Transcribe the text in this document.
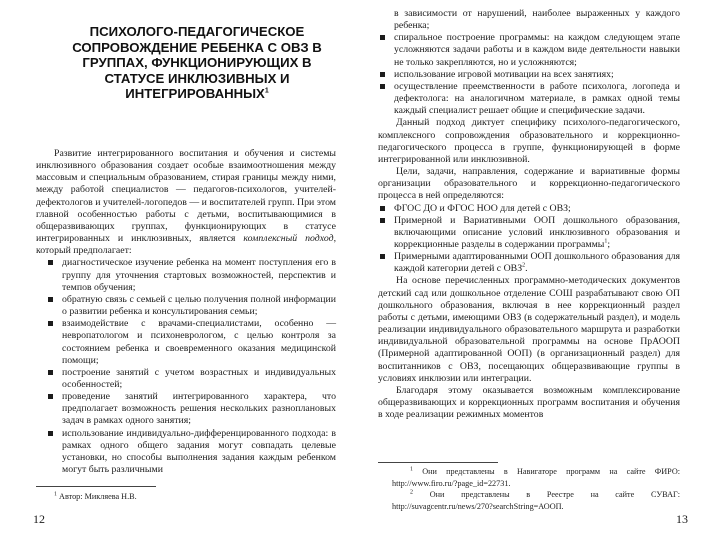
ПСИХОЛОГО-ПЕДАГОГИЧЕСКОЕ СОПРОВОЖДЕНИЕ РЕБЕНКА С ОВЗ В ГРУППАХ, ФУНКЦИОНИРУЮЩИХ В СТАТУСЕ ИНКЛЮЗИВНЫХ И ИНТЕГРИРОВАННЫХ$^1$

Развитие интегрированного воспитания и обучения и системы инклюзивного образования создает особые взаимоотношения между массовым и специальным образованием, стирая границы между ними, между работой специалистов — педагогов-психологов, учителей-дефектологов и учителей-логопедов — и воспитателей групп. При этом главной особенностью работы с детьми, воспитывающимися в общеразвивающих группах, функционирующих в статусе интегрированных и инклюзивных, является комплексный подход, который предполагает:

диагностическое изучение ребенка на момент поступления его в группу для уточнения стартовых возможностей, перспектив и темпов обучения;
обратную связь с семьей с целью получения полной информации о развитии ребенка и консультирования семьи;
взаимодействие с врачами-специалистами, особенно — невропатологом и психоневрологом, с целью контроля за состоянием ребенка и своевременного оказания медицинской помощи;
построение занятий с учетом возрастных и индивидуальных особенностей;
проведение занятий интегрированного характера, что предполагает возможность решения нескольких разноплановых задач в рамках одного занятия;
использование индивидуально-дифференцированного подхода: в рамках одного общего задания могут совпадать целевые установки, но способы выполнения задания каждым ребенком могут быть различными

$^1$ Автор: Микляева Н.В.

12

в зависимости от нарушений, наиболее выраженных у каждого ребенка;

спиральное построение программы: на каждом следующем этапе усложняются задачи работы и в каждом виде деятельности навыки не только закрепляются, но и усложняются;
использование игровой мотивации на всех занятиях;
осуществление преемственности в работе психолога, логопеда и дефектолога: на аналогичном материале, в рамках одной темы каждый специалист решает общие и специфические задачи.

Данный подход диктует специфику психолого-педагогического, комплексного сопровождения образовательного и коррекционно-педагогического процесса в группе, функционирующей в форме интегрированной или инклюзивной.

Цели, задачи, направления, содержание и вариативные формы организации образовательного и коррекционно-педагогического процесса в ней определяются:

ФГОС ДО и ФГОС НОО для детей с ОВЗ;
Примерной и Вариативными ООП дошкольного образования, включающими описание условий инклюзивного образования и коррекционные разделы в содержании программы$^1$;
Примерными адаптированными ООП дошкольного образования для каждой категории детей с ОВЗ$^2$.

На основе перечисленных программно-методических документов детский сад или дошкольное отделение СОШ разрабатывают свою ОП дошкольного образования, включая в нее коррекционный раздел работы с детьми, имеющими ОВЗ (в содержательный раздел), и модель реализации индивидуального образовательного маршрута и разработки индивидуальной образовательной программы на основе ПрАООП (Примерной адаптированной ООП) (в организационный раздел) для воспитанников с ОВЗ, посещающих общеразвивающие группы в условиях инклюзии или интеграции.

Благодаря этому оказывается возможным комплексирование общеразвивающих и коррекционных программ воспитания и обучения в ходе реализации режимных моментов

$^1$ Они представлены в Навигаторе программ на сайте ФИРО: http://www.firo.ru/?page_id=22731.

$^2$ Они представлены в Реестре на сайте СУВАГ: http://suvagcentr.ru/news/270?searchString=АООП.

13
